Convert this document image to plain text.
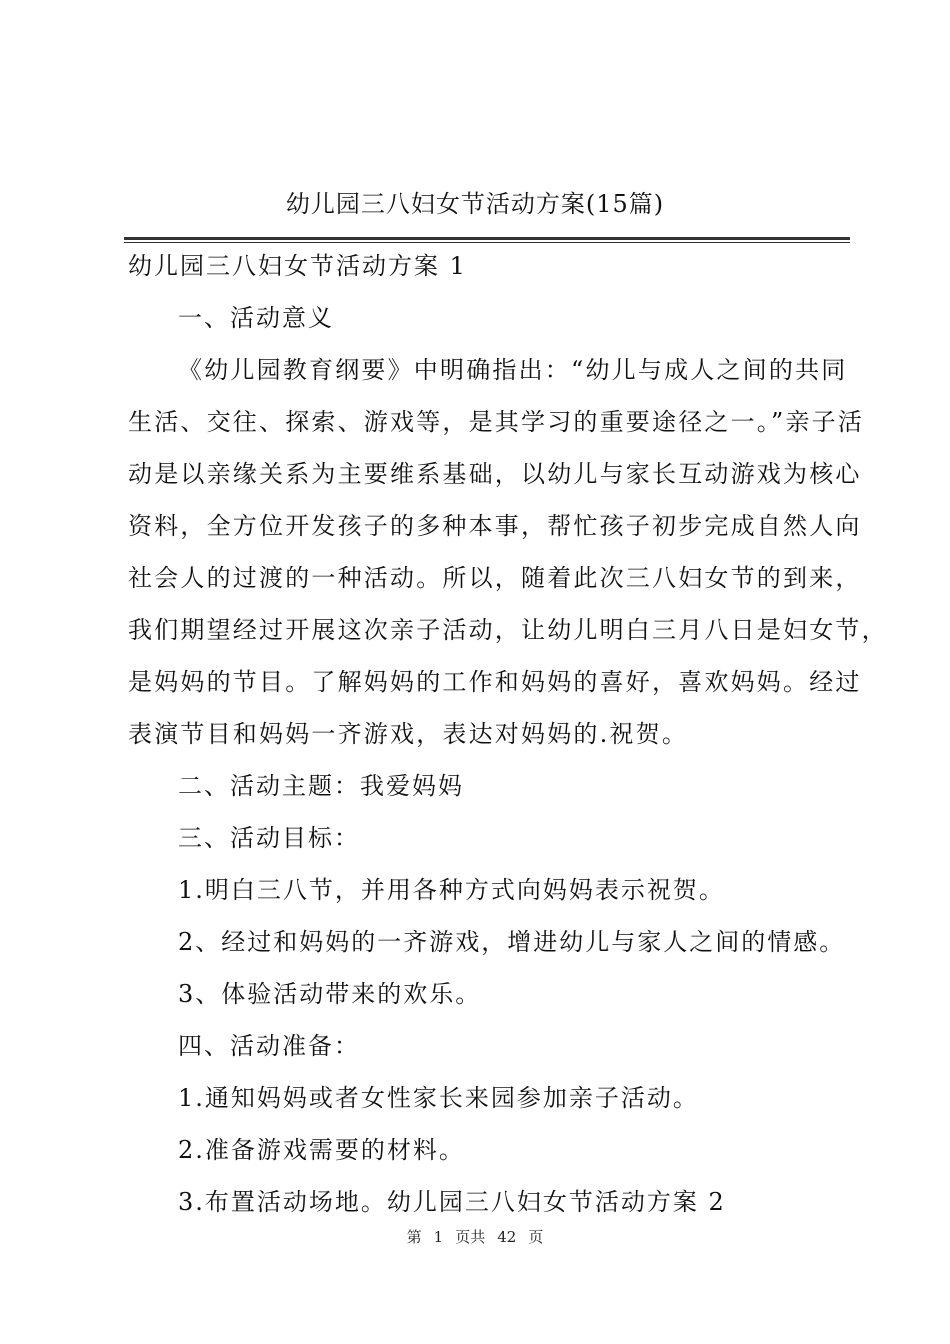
幼儿园三八妇女节活动方案(15篇)
幼儿园三八妇女节活动方案 1
一、活动意义
《幼儿园教育纲要》中明确指出：“幼儿与成人之间的共同
生活、交往、探索、游戏等，是其学习的重要途径之一。”亲子活
动是以亲缘关系为主要维系基础，以幼儿与家长互动游戏为核心
资料，全方位开发孩子的多种本事，帮忙孩子初步完成自然人向
社会人的过渡的一种活动。所以，随着此次三八妇女节的到来，
我们期望经过开展这次亲子活动，让幼儿明白三月八日是妇女节，
是妈妈的节目。了解妈妈的工作和妈妈的喜好，喜欢妈妈。经过
表演节目和妈妈一齐游戏，表达对妈妈的.祝贺。
二、活动主题：我爱妈妈
三、活动目标：
1.明白三八节，并用各种方式向妈妈表示祝贺。
2、经过和妈妈的一齐游戏，增进幼儿与家人之间的情感。
3、体验活动带来的欢乐。
四、活动准备：
1.通知妈妈或者女性家长来园参加亲子活动。
2.准备游戏需要的材料。
3.布置活动场地。幼儿园三八妇女节活动方案 2
第 1 页共 42 页
